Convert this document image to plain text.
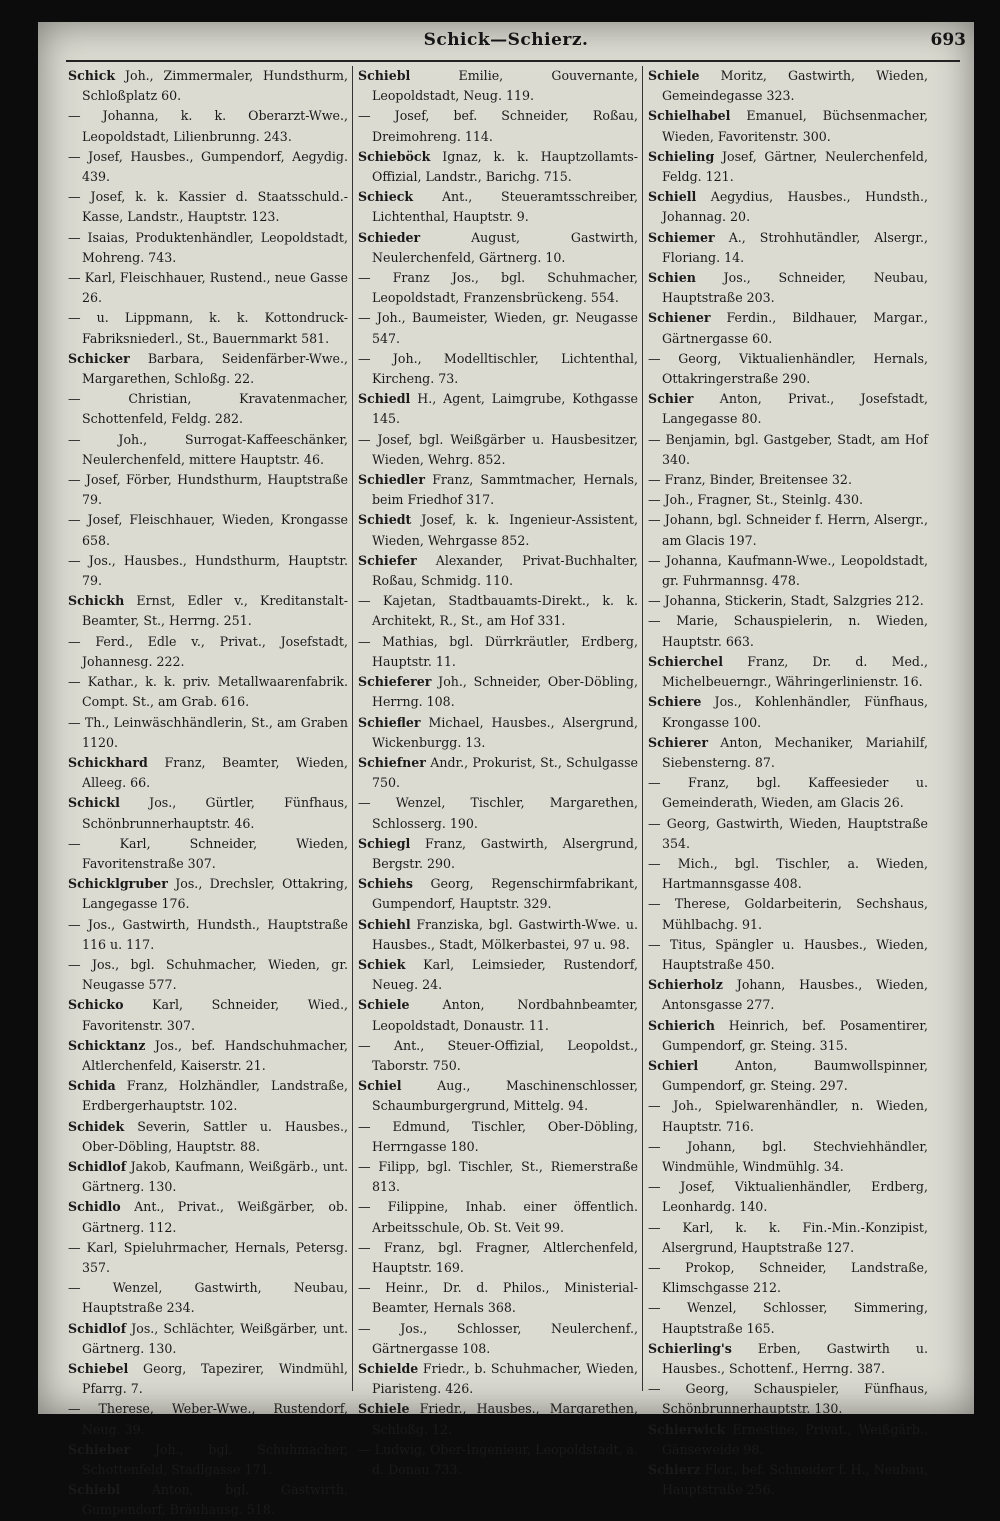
Schick—Schierz.	693

Schick Joh., Zimmermaler, Hundsthurm, Schloßplatz 60.

— Johanna, k. k. Oberarzt-Wwe., Leopoldstadt, Lilienbrunng. 243.

— Josef, Hausbes., Gumpendorf, Aegydig. 439.

— Josef, k. k. Kassier d. Staatsschuld.-Kasse, Landstr., Hauptstr. 123.

— Isaias, Produktenhändler, Leopoldstadt, Mohreng. 743.

— Karl, Fleischhauer, Rustend., neue Gasse 26.

— u. Lippmann, k. k. Kottondruck-Fabriksniederl., St., Bauernmarkt 581.

Schicker Barbara, Seidenfärber-Wwe., Margarethen, Schloßg. 22.

— Christian, Kravatenmacher, Schottenfeld, Feldg. 282.

— Joh., Surrogat-Kaffeeschänker, Neulerchenfeld, mittere Hauptstr. 46.

— Josef, Förber, Hundsthurm, Hauptstraße 79.

— Josef, Fleischhauer, Wieden, Krongasse 658.

— Jos., Hausbes., Hundsthurm, Hauptstr. 79.

Schickh Ernst, Edler v., Kreditanstalt-Beamter, St., Herrng. 251.

— Ferd., Edle v., Privat., Josefstadt, Johannesg. 222.

— Kathar., k. k. priv. Metallwaarenfabrik. Compt. St., am Grab. 616.

— Th., Leinwäschhändlerin, St., am Graben 1120.

Schickhard Franz, Beamter, Wieden, Alleeg. 66.

Schickl Jos., Gürtler, Fünfhaus, Schönbrunnerhauptstr. 46.

— Karl, Schneider, Wieden, Favoritenstraße 307.

Schicklgruber Jos., Drechsler, Ottakring, Langegasse 176.

— Jos., Gastwirth, Hundsth., Hauptstraße 116 u. 117.

— Jos., bgl. Schuhmacher, Wieden, gr. Neugasse 577.

Schicko Karl, Schneider, Wied., Favoritenstr. 307.

Schicktanz Jos., bef. Handschuhmacher, Altlerchenfeld, Kaiserstr. 21.

Schida Franz, Holzhändler, Landstraße, Erdbergerhauptstr. 102.

Schidek Severin, Sattler u. Hausbes., Ober-Döbling, Hauptstr. 88.

Schidlof Jakob, Kaufmann, Weißgärb., unt. Gärtnerg. 130.

Schidlo Ant., Privat., Weißgärber, ob. Gärtnerg. 112.

— Karl, Spieluhrmacher, Hernals, Petersg. 357.

— Wenzel, Gastwirth, Neubau, Hauptstraße 234.

Schidlof Jos., Schlächter, Weißgärber, unt. Gärtnerg. 130.

Schiebel Georg, Tapezirer, Windmühl, Pfarrg. 7.

— Therese, Weber-Wwe., Rustendorf, Neug. 39.

Schieber Joh., bgl. Schuhmacher, Schottenfeld, Stadlgasse 171.

Schiebl	Anton, bgl. Gastwirth, Gumpendorf, Bräuhausg. 518.

Schiebl	Emilie, Gouvernante, Leopoldstadt, Neug. 119.

— Josef, bef. Schneider, Roßau, Dreimohreng. 114.

Schieböck Ignaz, k. k. Hauptzollamts-Offizial, Landstr., Barichg. 715.

Schieck Ant., Steueramtsschreiber, Lichtenthal, Hauptstr. 9.

Schieder	August, Gastwirth, Neulerchenfeld, Gärtnerg. 10.

— Franz Jos., bgl. Schuhmacher, Leopoldstadt, Franzensbrückeng. 554.

— Joh., Baumeister, Wieden, gr. Neugasse 547.

— Joh., Modelltischler, Lichtenthal, Kircheng. 73.

Schiedl H., Agent, Laimgrube, Kothgasse 145.

— Josef, bgl. Weißgärber u. Hausbesitzer, Wieden, Wehrg. 852.

Schiedler Franz, Sammtmacher, Hernals, beim Friedhof 317.

Schiedt Josef, k. k. Ingenieur-Assistent, Wieden, Wehrgasse 852.

Schiefer Alexander, Privat-Buchhalter, Roßau, Schmidg. 110.

— Kajetan, Stadtbauamts-Direkt., k. k. Architekt, R., St., am Hof 331.

— Mathias, bgl. Dürrkräutler, Erdberg, Hauptstr. 11.

Schieferer Joh., Schneider, Ober-Döbling, Herrng. 108.

Schiefler Michael, Hausbes., Alsergrund, Wickenburgg. 13.

Schiefner Andr., Prokurist, St., Schulgasse 750.

— Wenzel, Tischler, Margarethen, Schlosserg. 190.

Schiegl Franz, Gastwirth, Alsergrund, Bergstr. 290.

Schiehs Georg, Regenschirmfabrikant, Gumpendorf, Hauptstr. 329.

Schiehl Franziska, bgl. Gastwirth-Wwe. u. Hausbes., Stadt, Mölkerbastei, 97 u. 98.

Schiek Karl, Leimsieder, Rustendorf, Neueg. 24.

Schiele	Anton, Nordbahnbeamter, Leopoldstadt, Donaustr. 11.

— Ant., Steuer-Offizial, Leopoldst., Taborstr. 750.

Schiel	Aug., Maschinenschlosser, Schaumburgergrund, Mittelg. 94.

— Edmund, Tischler, Ober-Döbling, Herrngasse 180.

— Filipp, bgl. Tischler, St., Riemerstraße 813.

— Filippine, Inhab. einer öffentlich. Arbeitsschule, Ob. St. Veit 99.

— Franz, bgl. Fragner, Altlerchenfeld, Hauptstr. 169.

— Heinr., Dr. d. Philos., Ministerial-Beamter, Hernals 368.

— Jos., Schlosser, Neulerchenf., Gärtnergasse 108.

Schielde Friedr., b. Schuhmacher, Wieden, Piaristeng. 426.

Schiele Friedr., Hausbes., Margarethen, Schloßg. 12.

— Ludwig, Ober-Ingenieur, Leopoldstadt, a. d. Donau 733.

Schiele Moritz, Gastwirth, Wieden, Gemeindegasse 323.

Schielhabel Emanuel, Büchsenmacher, Wieden, Favoritenstr. 300.

Schieling Josef, Gärtner, Neulerchenfeld, Feldg. 121.

Schiell Aegydius, Hausbes., Hundsth., Johannag. 20.

Schiemer A., Strohhutändler, Alsergr., Floriang. 14.

Schien Jos., Schneider, Neubau, Hauptstraße 203.

Schiener Ferdin., Bildhauer, Margar., Gärtnergasse 60.

— Georg, Viktualienhändler, Hernals, Ottakringerstraße 290.

Schier Anton, Privat., Josefstadt, Langegasse 80.

— Benjamin, bgl. Gastgeber, Stadt, am Hof 340.

— Franz, Binder, Breitensee 32.

— Joh., Fragner, St., Steinlg. 430.

— Johann, bgl. Schneider f. Herrn, Alsergr., am Glacis 197.

— Johanna, Kaufmann-Wwe., Leopoldstadt, gr. Fuhrmannsg. 478.

— Johanna, Stickerin, Stadt, Salzgries 212.

— Marie, Schauspielerin, n. Wieden, Hauptstr. 663.

Schierchel Franz, Dr. d. Med., Michelbeuerngr., Währingerlinienstr. 16.

Schiere Jos., Kohlenhändler, Fünfhaus, Krongasse 100.

Schierer Anton, Mechaniker, Mariahilf, Siebensterng. 87.

— Franz, bgl. Kaffeesieder u. Gemeinderath, Wieden, am Glacis 26.

— Georg, Gastwirth, Wieden, Hauptstraße 354.

— Mich., bgl. Tischler, a. Wieden, Hartmannsgasse 408.

— Therese, Goldarbeiterin, Sechshaus, Mühlbachg. 91.

— Titus, Spängler u. Hausbes., Wieden, Hauptstraße 450.

Schierholz Johann, Hausbes., Wieden, Antonsgasse 277.

Schierich Heinrich, bef. Posamentirer, Gumpendorf, gr. Steing. 315.

Schierl	Anton, Baumwollspinner, Gumpendorf, gr. Steing. 297.

— Joh., Spielwarenhändler, n. Wieden, Hauptstr. 716.

— Johann, bgl. Stechviehhändler, Windmühle, Windmühlg. 34.

— Josef, Viktualienhändler, Erdberg, Leonhardg. 140.

— Karl, k. k. Fin.-Min.-Konzipist, Alsergrund, Hauptstraße 127.

— Prokop, Schneider, Landstraße, Klimschgasse 212.

— Wenzel, Schlosser, Simmering, Hauptstraße 165.

Schierling's Erben, Gastwirth u. Hausbes., Schottenf., Herrng. 387.

— Georg, Schauspieler, Fünfhaus, Schönbrunnerhauptstr. 130.

Schierwick Ernestine, Privat., Weißgärb., Gänseweide 98.

Schierz Flor., bef. Schneider f. H., Neubau, Hauptstraße 256.
